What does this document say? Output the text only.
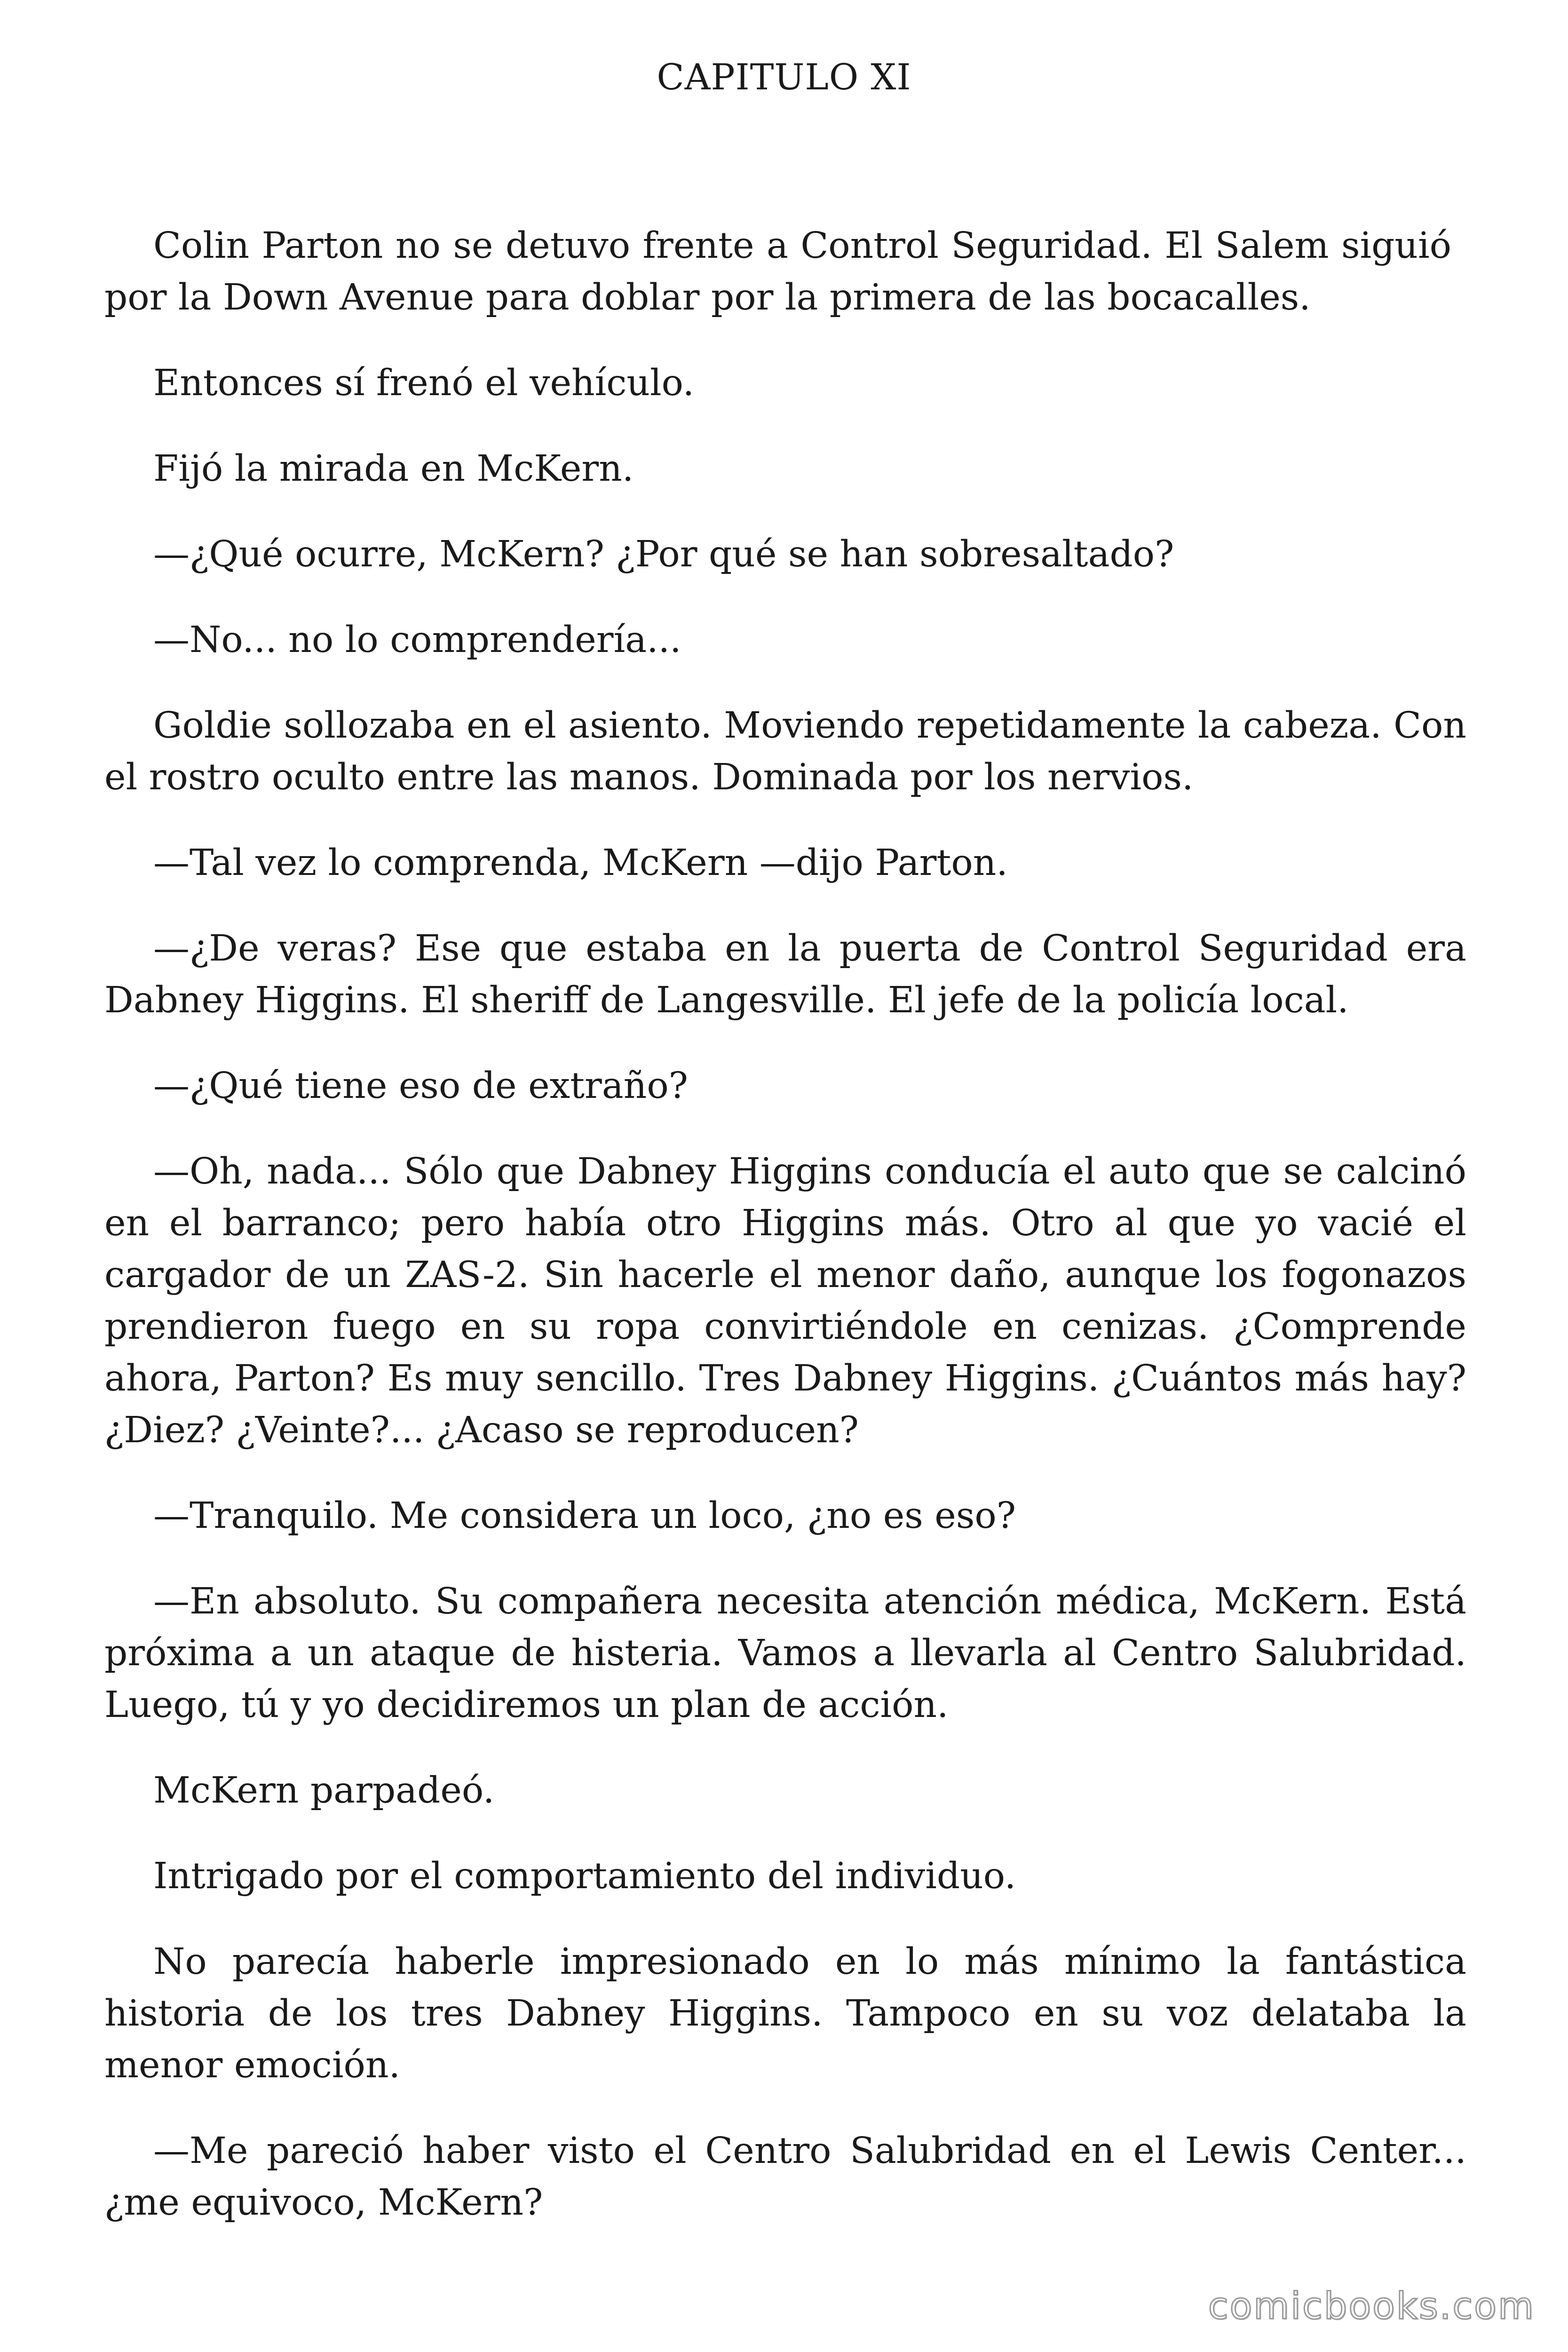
CAPITULO XI

Colin Parton no se detuvo frente a Control Seguridad. El Salem siguió por la Down Avenue para doblar por la primera de las bocacalles.

Entonces sí frenó el vehículo.

Fijó la mirada en McKern.

—¿Qué ocurre, McKern? ¿Por qué se han sobresaltado?

—No... no lo comprendería...

Goldie sollozaba en el asiento. Moviendo repetidamente la cabeza. Con el rostro oculto entre las manos. Dominada por los nervios.

—Tal vez lo comprenda, McKern —dijo Parton.

—¿De veras? Ese que estaba en la puerta de Control Seguridad era Dabney Higgins. El sheriff de Langesville. El jefe de la policía local.

—¿Qué tiene eso de extraño?

—Oh, nada... Sólo que Dabney Higgins conducía el auto que se calcinó en el barranco; pero había otro Higgins más. Otro al que yo vacié el cargador de un ZAS-2. Sin hacerle el menor daño, aunque los fogonazos prendieron fuego en su ropa convirtiéndole en cenizas. ¿Comprende ahora, Parton? Es muy sencillo. Tres Dabney Higgins. ¿Cuántos más hay? ¿Diez? ¿Veinte?... ¿Acaso se reproducen?

—Tranquilo. Me considera un loco, ¿no es eso?

—En absoluto. Su compañera necesita atención médica, McKern. Está próxima a un ataque de histeria. Vamos a llevarla al Centro Salubridad. Luego, tú y yo decidiremos un plan de acción.

McKern parpadeó.

Intrigado por el comportamiento del individuo.

No parecía haberle impresionado en lo más mínimo la fantástica historia de los tres Dabney Higgins. Tampoco en su voz delataba la menor emoción.

—Me pareció haber visto el Centro Salubridad en el Lewis Center... ¿me equivoco, McKern?

comicbooks.com
